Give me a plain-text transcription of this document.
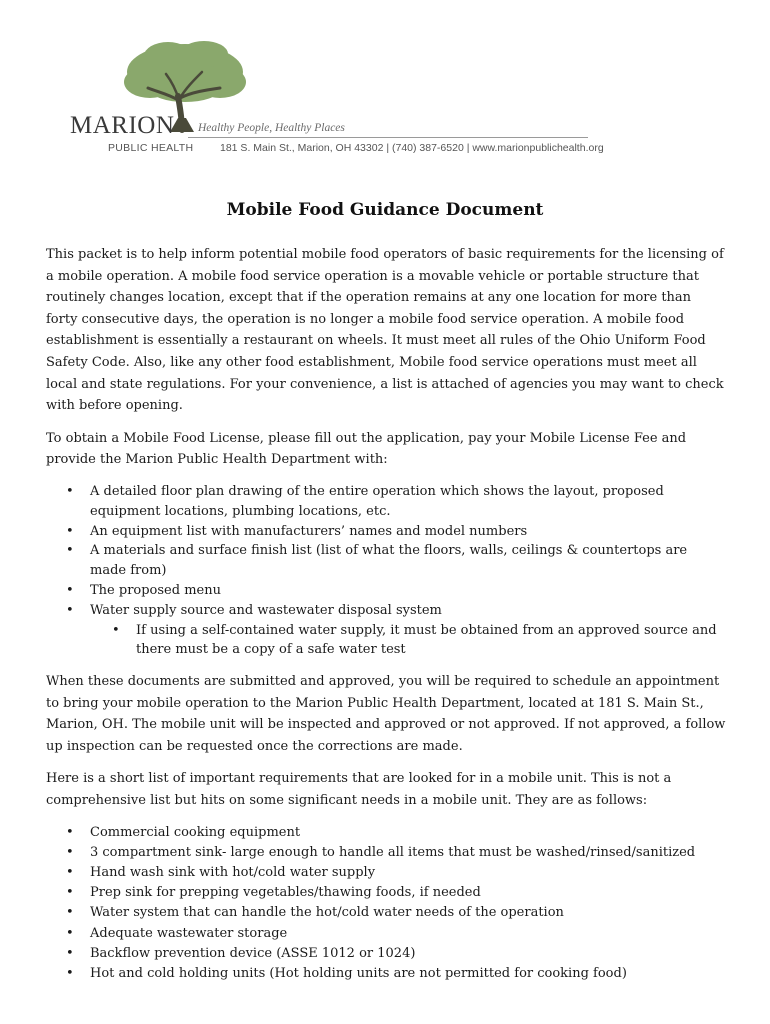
MARION Healthy People, Healthy Places
PUBLIC HEALTH	181 S. Main St., Marion, OH 43302 | (740) 387-6520 | www.marionpublichealth.org
Mobile Food Guidance Document

This packet is to help inform potential mobile food operators of basic requirements for the licensing of a mobile operation. A mobile food service operation is a movable vehicle or portable structure that routinely changes location, except that if the operation remains at any one location for more than forty consecutive days, the operation is no longer a mobile food service operation. A mobile food establishment is essentially a restaurant on wheels. It must meet all rules of the Ohio Uniform Food Safety Code. Also, like any other food establishment, Mobile food service operations must meet all local and state regulations. For your convenience, a list is attached of agencies you may want to check with before opening.

To obtain a Mobile Food License, please fill out the application, pay your Mobile License Fee and provide the Marion Public Health Department with:

• A detailed floor plan drawing of the entire operation which shows the layout, proposed equipment locations, plumbing locations, etc.
• An equipment list with manufacturers’ names and model numbers
• A materials and surface finish list (list of what the floors, walls, ceilings & countertops are made from)
• The proposed menu
• Water supply source and wastewater disposal system
• If using a self-contained water supply, it must be obtained from an approved source and there must be a copy of a safe water test

When these documents are submitted and approved, you will be required to schedule an appointment to bring your mobile operation to the Marion Public Health Department, located at 181 S. Main St., Marion, OH. The mobile unit will be inspected and approved or not approved. If not approved, a follow up inspection can be requested once the corrections are made.

Here is a short list of important requirements that are looked for in a mobile unit. This is not a comprehensive list but hits on some significant needs in a mobile unit. They are as follows:

• Commercial cooking equipment
• 3 compartment sink- large enough to handle all items that must be washed/rinsed/sanitized
• Hand wash sink with hot/cold water supply
• Prep sink for prepping vegetables/thawing foods, if needed
• Water system that can handle the hot/cold water needs of the operation
• Adequate wastewater storage
• Backflow prevention device (ASSE 1012 or 1024)
• Hot and cold holding units (Hot holding units are not permitted for cooking food)
